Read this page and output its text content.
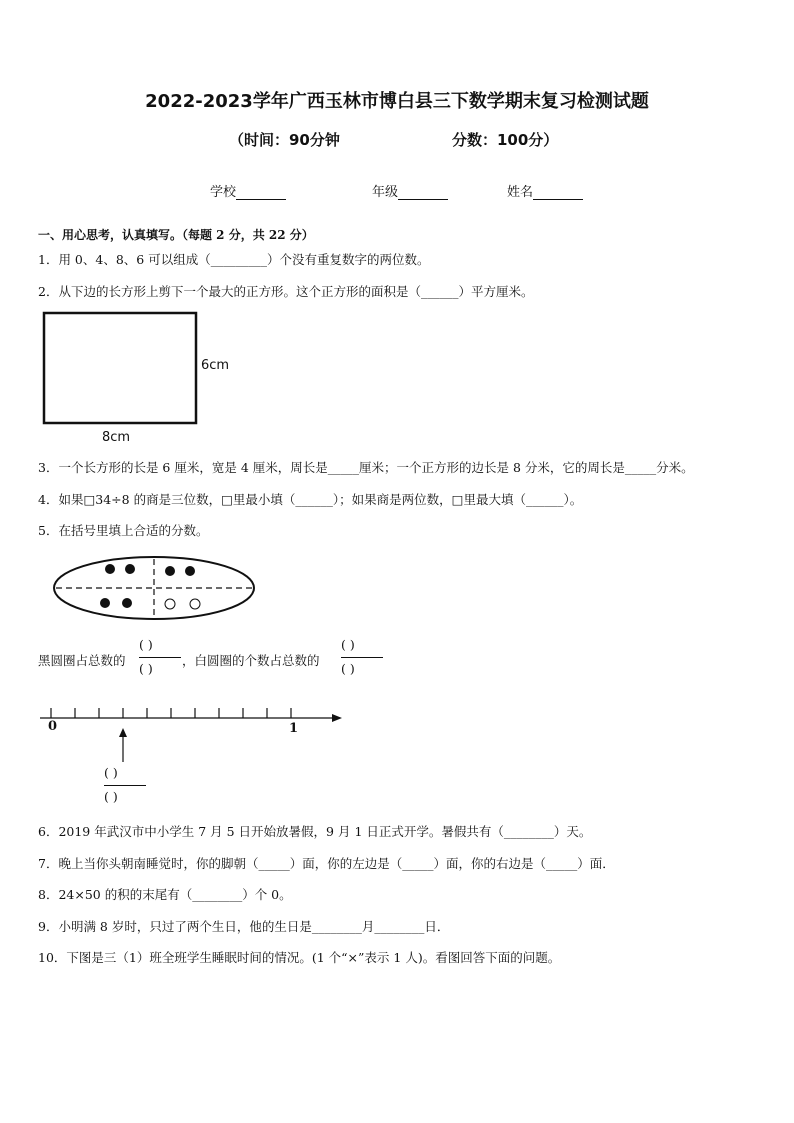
2022-2023学年广西玉林市博白县三下数学期末复习检测试题
（时间：90分钟	分数：100分）
学校	年级	姓名
一、用心思考，认真填写。（每题 2 分，共 22 分）
1．用 0、4、8、6 可以组成（_________）个没有重复数字的两位数。
2．从下边的长方形上剪下一个最大的正方形。这个正方形的面积是（______）平方厘米。
6cm
8cm
3．一个长方形的长是 6 厘米，宽是 4 厘米，周长是_____厘米；一个正方形的边长是 8 分米，它的周长是_____分米。
4．如果□34÷8 的商是三位数，□里最小填（______）；如果商是两位数，□里最大填（______）。
5．在括号里填上合适的分数。
黑圆圈占总数的
( )
( )
，白圆圈的个数占总数的
( )
( )
0	1
( )
( )
6．2019 年武汉市中小学生 7 月 5 日开始放暑假，9 月 1 日正式开学。暑假共有（________）天。
7．晚上当你头朝南睡觉时，你的脚朝（_____）面，你的左边是（_____）面，你的右边是（_____）面．
8．24×50 的积的末尾有（________）个 0。
9．小明满 8 岁时，只过了两个生日，他的生日是________月________日．
10．下图是三（1）班全班学生睡眠时间的情况。(1 个“×”表示 1 人)。看图回答下面的问题。
